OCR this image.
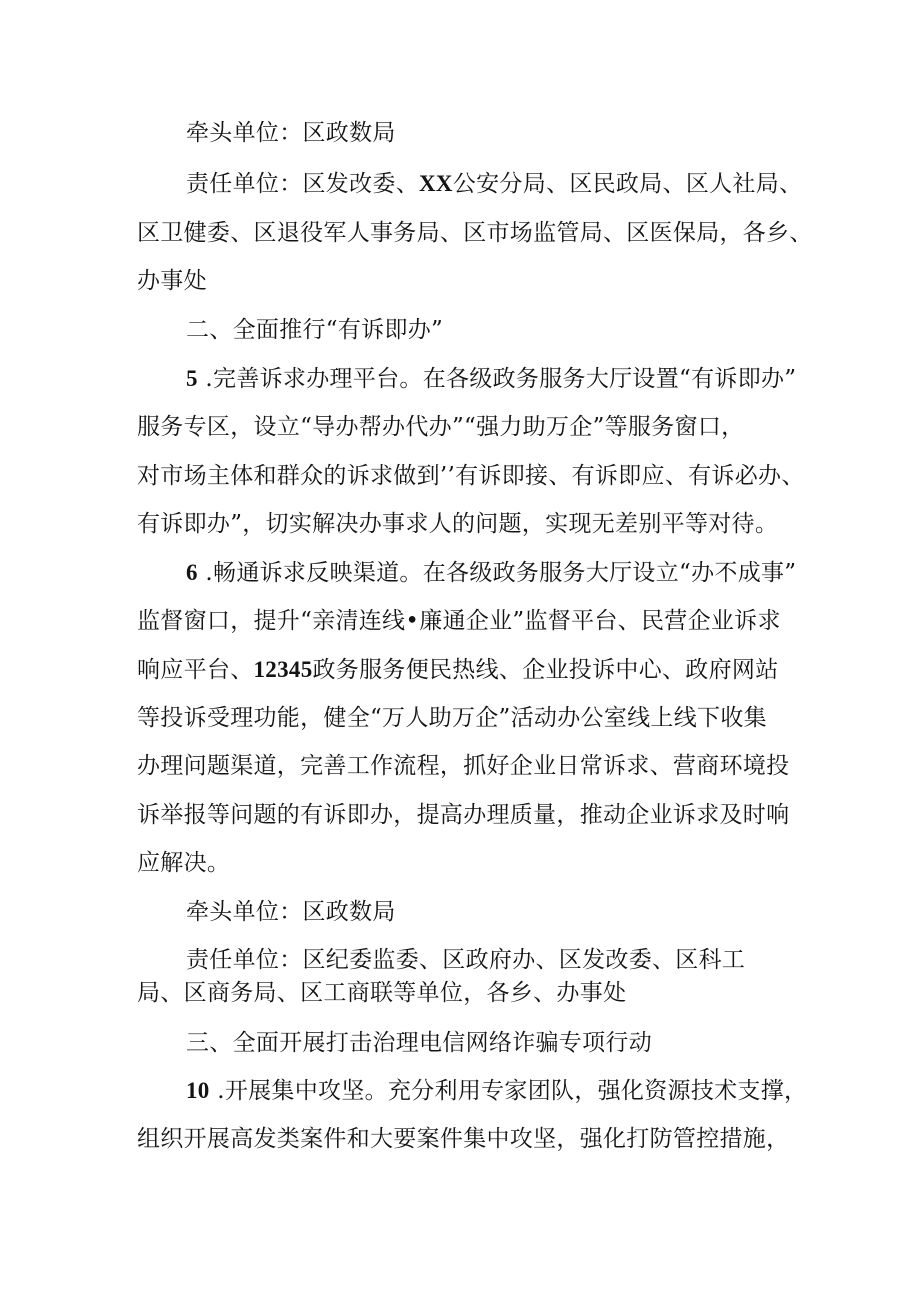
牵头单位：区政数局

责任单位：区发改委、XX公安分局、区民政局、区人社局、

区卫健委、区退役军人事务局、区市场监管局、区医保局，各乡、

办事处

二、全面推行“有诉即办”

5 .完善诉求办理平台。在各级政务服务大厅设置“有诉即办”

服务专区，设立“导办帮办代办”“强力助万企”等服务窗口，

对市场主体和群众的诉求做到’’有诉即接、有诉即应、有诉必办、

有诉即办”，切实解决办事求人的问题，实现无差别平等对待。

6 .畅通诉求反映渠道。在各级政务服务大厅设立“办不成事”

监督窗口，提升“亲清连线•廉通企业”监督平台、民营企业诉求

响应平台、12345政务服务便民热线、企业投诉中心、政府网站

等投诉受理功能，健全“万人助万企”活动办公室线上线下收集

办理问题渠道，完善工作流程，抓好企业日常诉求、营商环境投

诉举报等问题的有诉即办，提高办理质量，推动企业诉求及时响

应解决。

牵头单位：区政数局

责任单位：区纪委监委、区政府办、区发改委、区科工

局、区商务局、区工商联等单位，各乡、办事处

三、全面开展打击治理电信网络诈骗专项行动

10 .开展集中攻坚。充分利用专家团队，强化资源技术支撑，

组织开展高发类案件和大要案件集中攻坚，强化打防管控措施，
